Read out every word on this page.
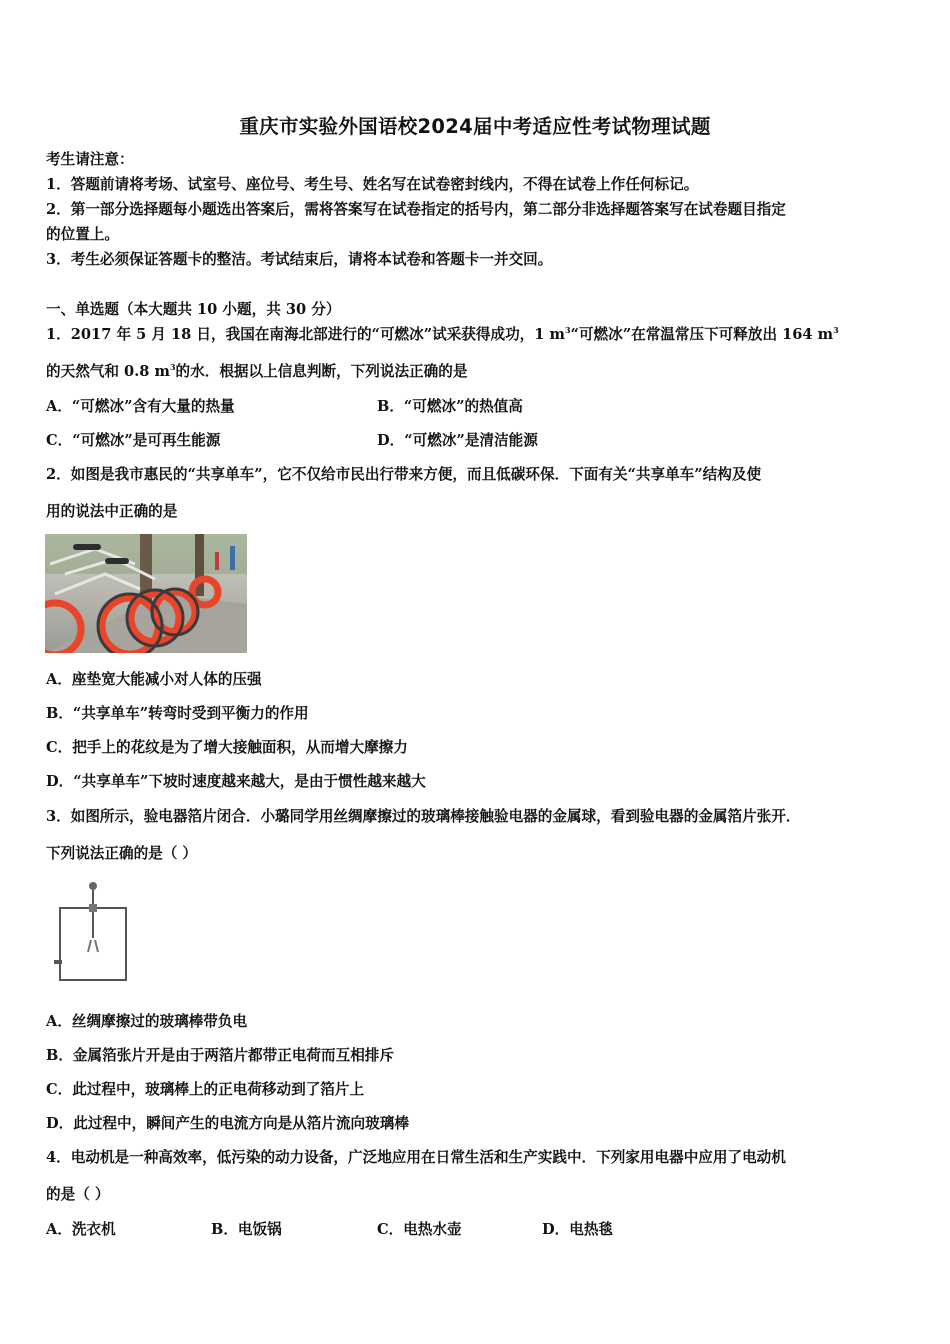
重庆市实验外国语校2024届中考适应性考试物理试题
考生请注意：
1．答题前请将考场、试室号、座位号、考生号、姓名写在试卷密封线内，不得在试卷上作任何标记。
2．第一部分选择题每小题选出答案后，需将答案写在试卷指定的括号内，第二部分非选择题答案写在试卷题目指定
的位置上。
3．考生必须保证答题卡的整洁。考试结束后，请将本试卷和答题卡一并交回。
一、单选题（本大题共 10 小题，共 30 分）
1．2017 年 5 月 18 日，我国在南海北部进行的“可燃冰”试采获得成功，1 $m^3“$可燃冰”在常温常压下可释放出 164 $m^3$
的天然气和 0.8 $m^3$的水．根据以上信息判断，下列说法正确的是
A．“可燃冰”含有大量的热量	B．“可燃冰”的热值高
C．“可燃冰”是可再生能源	D．“可燃冰”是清洁能源
2．如图是我市惠民的“共享单车”，它不仅给市民出行带来方便，而且低碳环保．下面有关“共享单车”结构及使
用的说法中正确的是
A．座垫宽大能减小对人体的压强
B．“共享单车”转弯时受到平衡力的作用
C．把手上的花纹是为了增大接触面积，从而增大摩擦力
D．“共享单车”下坡时速度越来越大，是由于惯性越来越大
3．如图所示，验电器箔片闭合．小璐同学用丝绸摩擦过的玻璃棒接触验电器的金属球，看到验电器的金属箔片张开．
下列说法正确的是（ ）
A．丝绸摩擦过的玻璃棒带负电
B．金属箔张片开是由于两箔片都带正电荷而互相排斥
C．此过程中，玻璃棒上的正电荷移动到了箔片上
D．此过程中，瞬间产生的电流方向是从箔片流向玻璃棒
4．电动机是一种高效率，低污染的动力设备，广泛地应用在日常生活和生产实践中．下列家用电器中应用了电动机
的是（ ）
A．洗衣机	B．电饭锅	C．电热水壶	D．电热毯
